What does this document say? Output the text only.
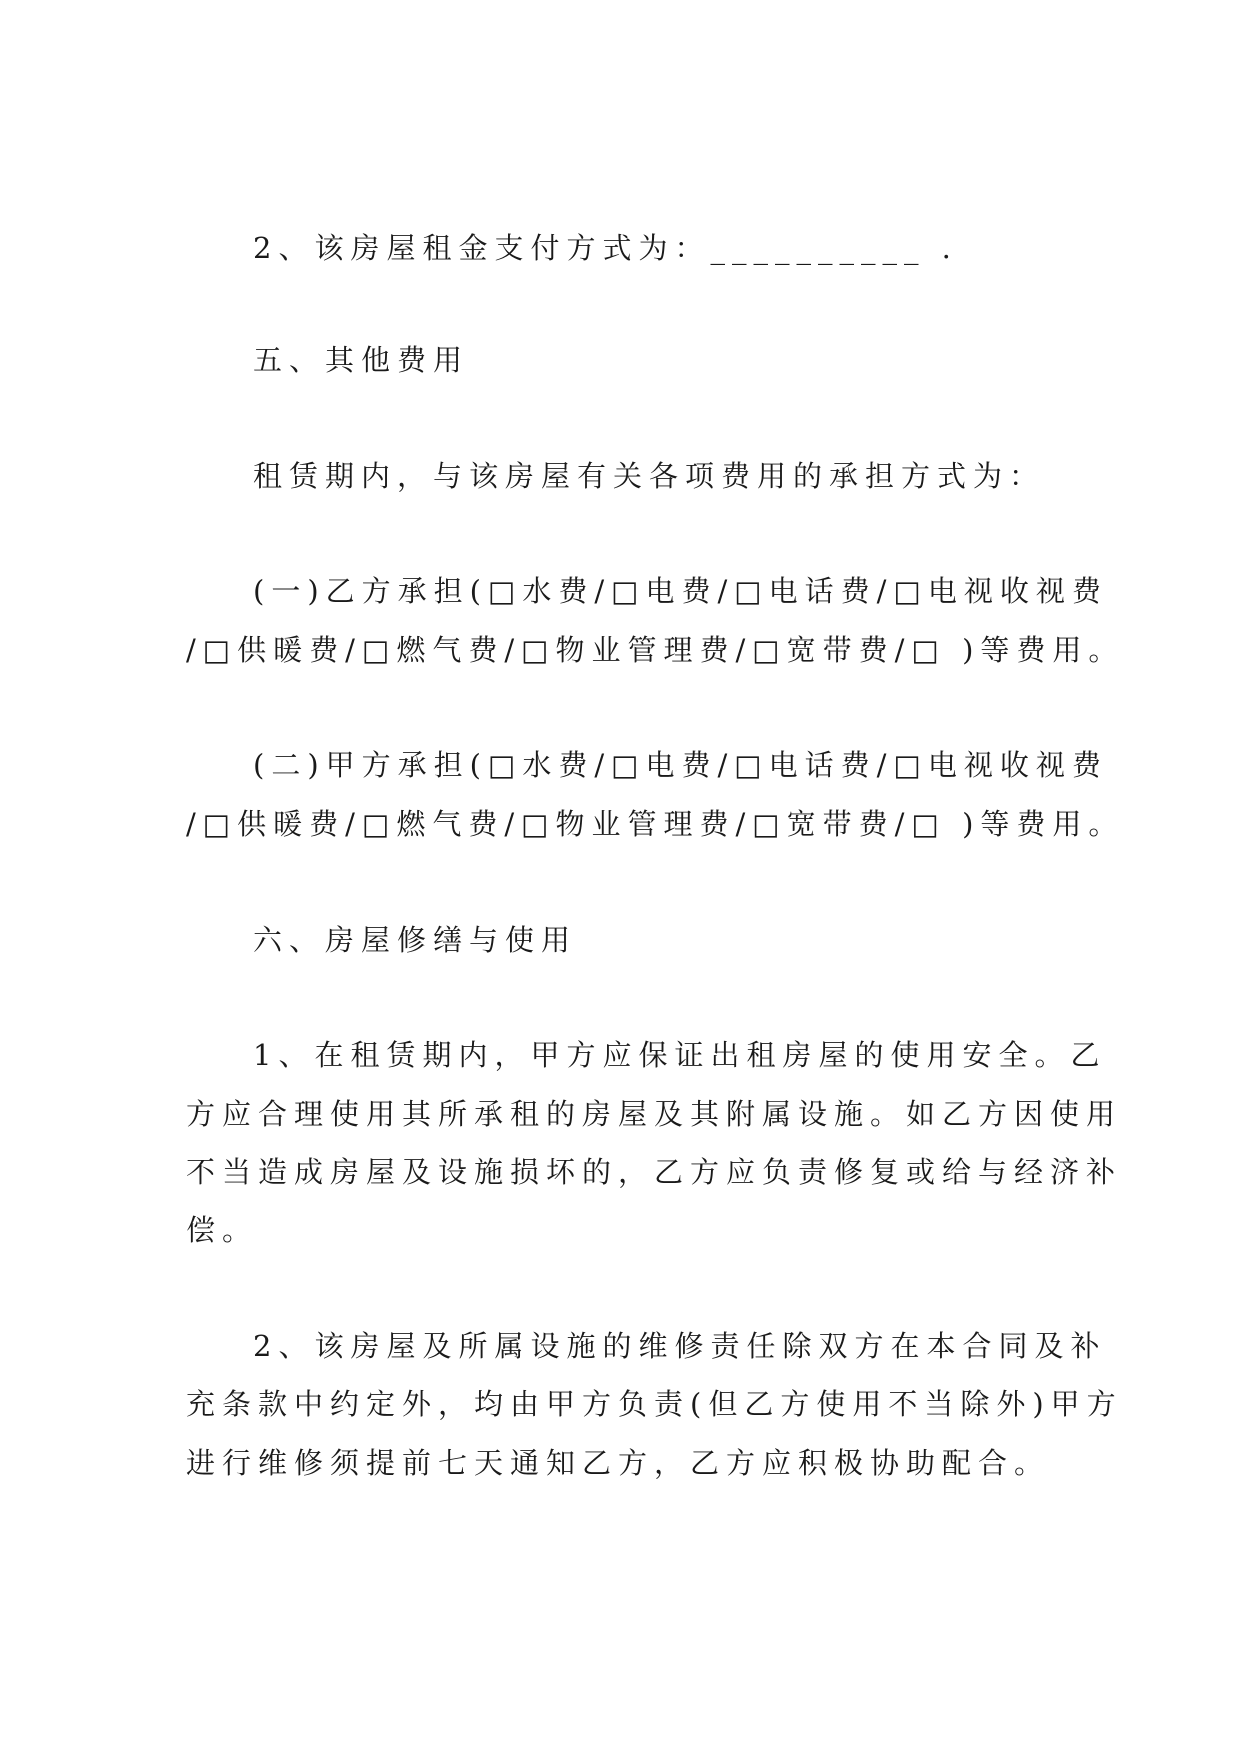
2、该房屋租金支付方式为：__________ .
五、其他费用
租赁期内，与该房屋有关各项费用的承担方式为：
(一)乙方承担(□水费/□电费/□电话费/□电视收视费
/□供暖费/□燃气费/□物业管理费/□宽带费/□ )等费用。
(二)甲方承担(□水费/□电费/□电话费/□电视收视费
/□供暖费/□燃气费/□物业管理费/□宽带费/□ )等费用。
六、房屋修缮与使用
1、在租赁期内，甲方应保证出租房屋的使用安全。乙
方应合理使用其所承租的房屋及其附属设施。如乙方因使用
不当造成房屋及设施损坏的，乙方应负责修复或给与经济补
偿。
2、该房屋及所属设施的维修责任除双方在本合同及补
充条款中约定外，均由甲方负责(但乙方使用不当除外)甲方
进行维修须提前七天通知乙方，乙方应积极协助配合。
